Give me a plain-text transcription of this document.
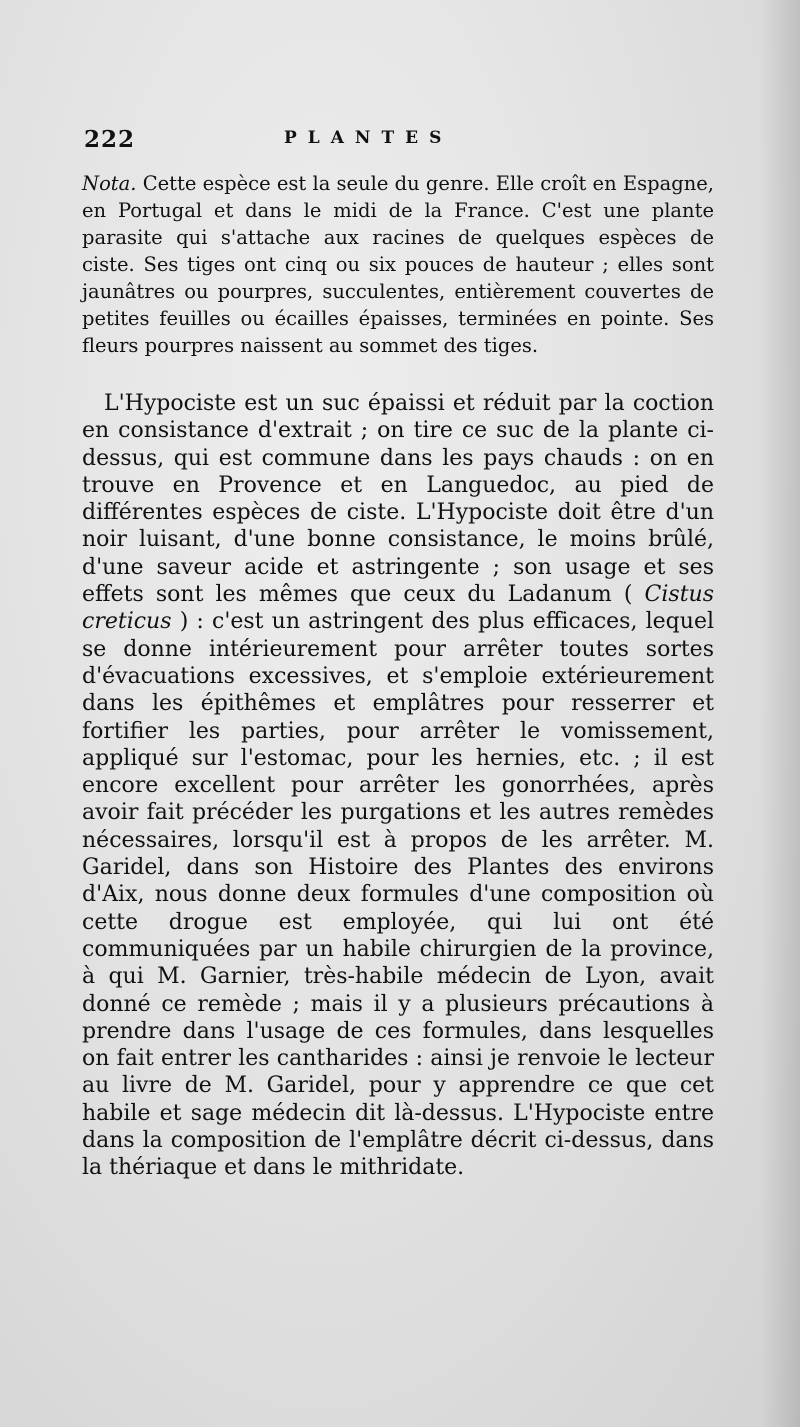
222	PLANTES

Nota. Cette espèce est la seule du genre. Elle croît en Espagne, en Portugal et dans le midi de la France. C'est une plante parasite qui s'attache aux racines de quelques espèces de ciste. Ses tiges ont cinq ou six pouces de hauteur ; elles sont jaunâtres ou pourpres, succulentes, entièrement couvertes de petites feuilles ou écailles épaisses, terminées en pointe. Ses fleurs pourpres naissent au sommet des tiges.

L'Hypociste est un suc épaissi et réduit par la coction en consistance d'extrait ; on tire ce suc de la plante ci-dessus, qui est commune dans les pays chauds : on en trouve en Provence et en Languedoc, au pied de différentes espèces de ciste. L'Hypociste doit être d'un noir luisant, d'une bonne consistance, le moins brûlé, d'une saveur acide et astringente ; son usage et ses effets sont les mêmes que ceux du Ladanum ( Cistus creticus ) : c'est un astringent des plus efficaces, lequel se donne intérieurement pour arrêter toutes sortes d'évacuations excessives, et s'emploie extérieurement dans les épithêmes et emplâtres pour resserrer et fortifier les parties, pour arrêter le vomissement, appliqué sur l'estomac, pour les hernies, etc. ; il est encore excellent pour arrêter les gonorrhées, après avoir fait précéder les purgations et les autres remèdes nécessaires, lorsqu'il est à propos de les arrêter. M. Garidel, dans son Histoire des Plantes des environs d'Aix, nous donne deux formules d'une composition où cette drogue est employée, qui lui ont été communiquées par un habile chirurgien de la province, à qui M. Garnier, très-habile médecin de Lyon, avait donné ce remède ; mais il y a plusieurs précautions à prendre dans l'usage de ces formules, dans lesquelles on fait entrer les cantharides : ainsi je renvoie le lecteur au livre de M. Garidel, pour y apprendre ce que cet habile et sage médecin dit là-dessus. L'Hypociste entre dans la composition de l'emplâtre décrit ci-dessus, dans la thériaque et dans le mithridate.
